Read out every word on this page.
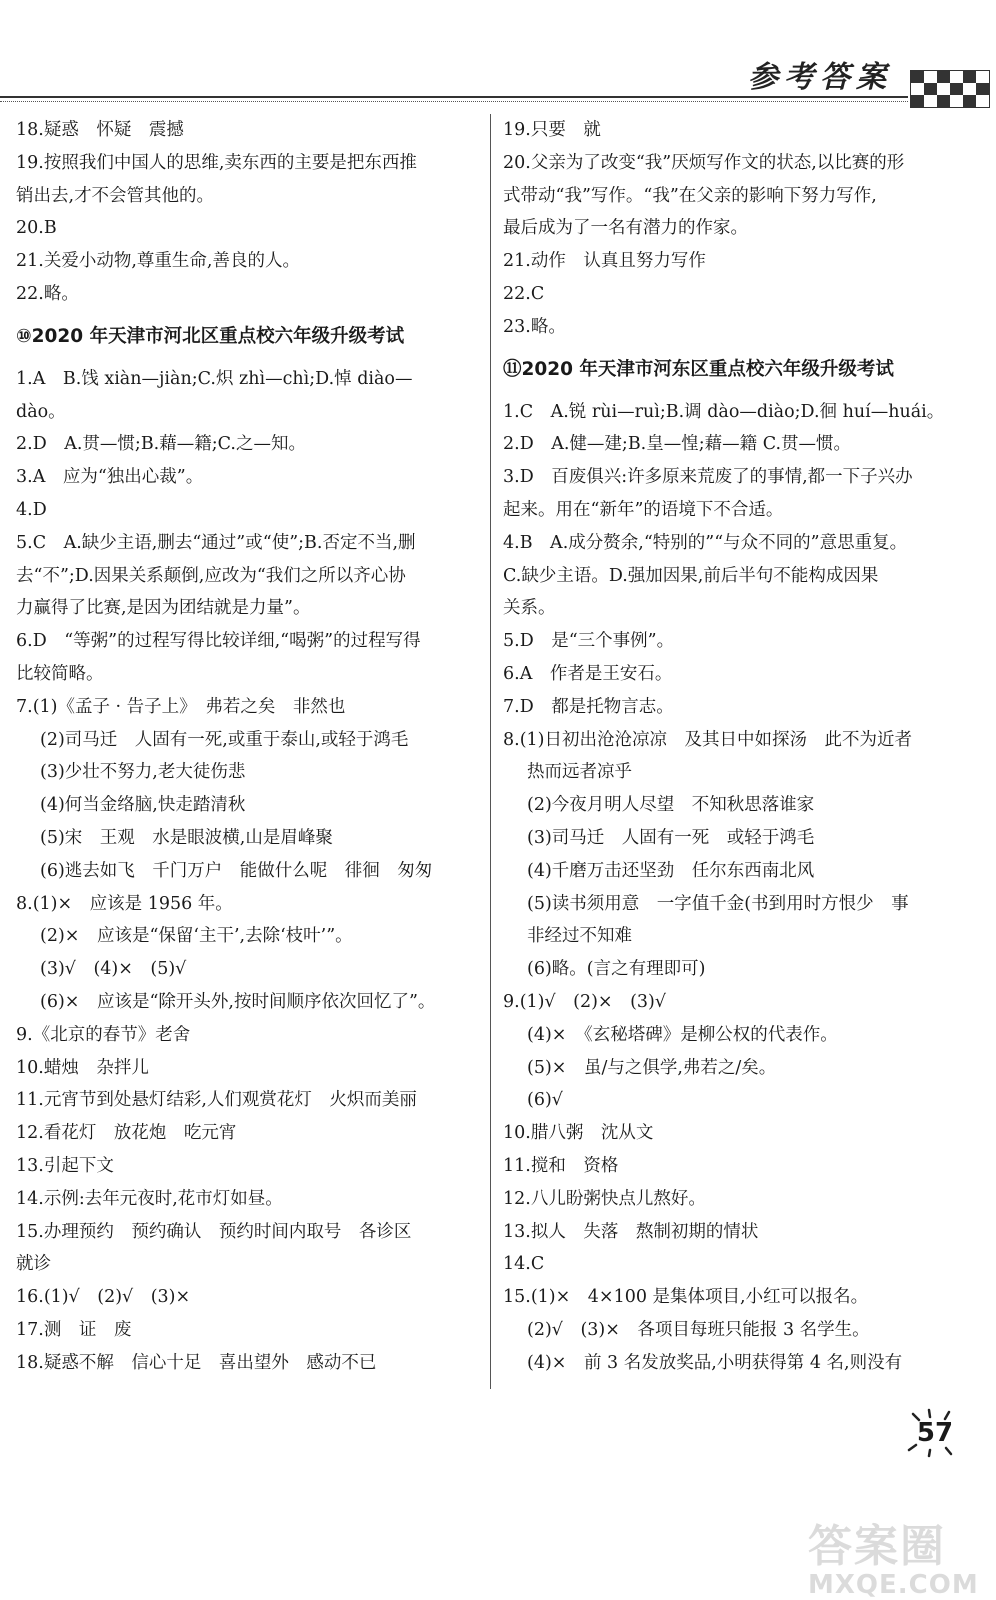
参考答案
18.疑惑　怀疑　震撼
19.按照我们中国人的思维,卖东西的主要是把东西推
销出去,才不会管其他的。
20.B
21.关爱小动物,尊重生命,善良的人。
22.略。
⑩2020 年天津市河北区重点校六年级升级考试
1.A　B.饯 xiàn—jiàn;C.炽 zhì—chì;D.悼 diào—
dào。
2.D　A.贯—惯;B.藉—籍;C.之—知。
3.A　应为“独出心裁”。
4.D
5.C　A.缺少主语,删去“通过”或“使”;B.否定不当,删
去“不”;D.因果关系颠倒,应改为“我们之所以齐心协
力赢得了比赛,是因为团结就是力量”。
6.D　“等粥”的过程写得比较详细,“喝粥”的过程写得
比较简略。
7.(1)《孟子 · 告子上》　弗若之矣　非然也
(2)司马迁　人固有一死,或重于泰山,或轻于鸿毛
(3)少壮不努力,老大徒伤悲
(4)何当金络脑,快走踏清秋
(5)宋　王观　水是眼波横,山是眉峰聚
(6)逃去如飞　千门万户　能做什么呢　徘徊　匆匆
8.(1)×　应该是 1956 年。
(2)×　应该是“保留‘主干’,去除‘枝叶’”。
(3)√　(4)×　(5)√
(6)×　应该是“除开头外,按时间顺序依次回忆了”。
9.《北京的春节》老舍
10.蜡烛　杂拌儿
11.元宵节到处悬灯结彩,人们观赏花灯　火炽而美丽
12.看花灯　放花炮　吃元宵
13.引起下文
14.示例:去年元夜时,花市灯如昼。
15.办理预约　预约确认　预约时间内取号　各诊区
就诊
16.(1)√　(2)√　(3)×
17.测　证　废
18.疑惑不解　信心十足　喜出望外　感动不已
19.只要　就
20.父亲为了改变“我”厌烦写作文的状态,以比赛的形
式带动“我”写作。“我”在父亲的影响下努力写作,
最后成为了一名有潜力的作家。
21.动作　认真且努力写作
22.C
23.略。
⑪2020 年天津市河东区重点校六年级升级考试
1.C　A.锐 rùi—ruì;B.调 dào—diào;D.徊 huí—huái。
2.D　A.健—建;B.皇—惶;藉—籍 C.贯—惯。
3.D　百废俱兴:许多原来荒废了的事情,都一下子兴办
起来。用在“新年”的语境下不合适。
4.B　A.成分赘余,“特别的”“与众不同的”意思重复。
C.缺少主语。D.强加因果,前后半句不能构成因果
关系。
5.D　是“三个事例”。
6.A　作者是王安石。
7.D　都是托物言志。
8.(1)日初出沧沧凉凉　及其日中如探汤　此不为近者
热而远者凉乎
(2)今夜月明人尽望　不知秋思落谁家
(3)司马迁　人固有一死　或轻于鸿毛
(4)千磨万击还坚劲　任尔东西南北风
(5)读书须用意　一字值千金(书到用时方恨少　事
非经过不知难
(6)略。(言之有理即可)
9.(1)√　(2)×　(3)√
(4)×　《玄秘塔碑》是柳公权的代表作。
(5)×　虽/与之俱学,弗若之/矣。
(6)√
10.腊八粥　沈从文
11.搅和　资格
12.八儿盼粥快点儿熬好。
13.拟人　失落　熬制初期的情状
14.C
15.(1)×　4×100 是集体项目,小红可以报名。
(2)√　(3)×　各项目每班只能报 3 名学生。
(4)×　前 3 名发放奖品,小明获得第 4 名,则没有
57
答案圈
MXQE.COM
